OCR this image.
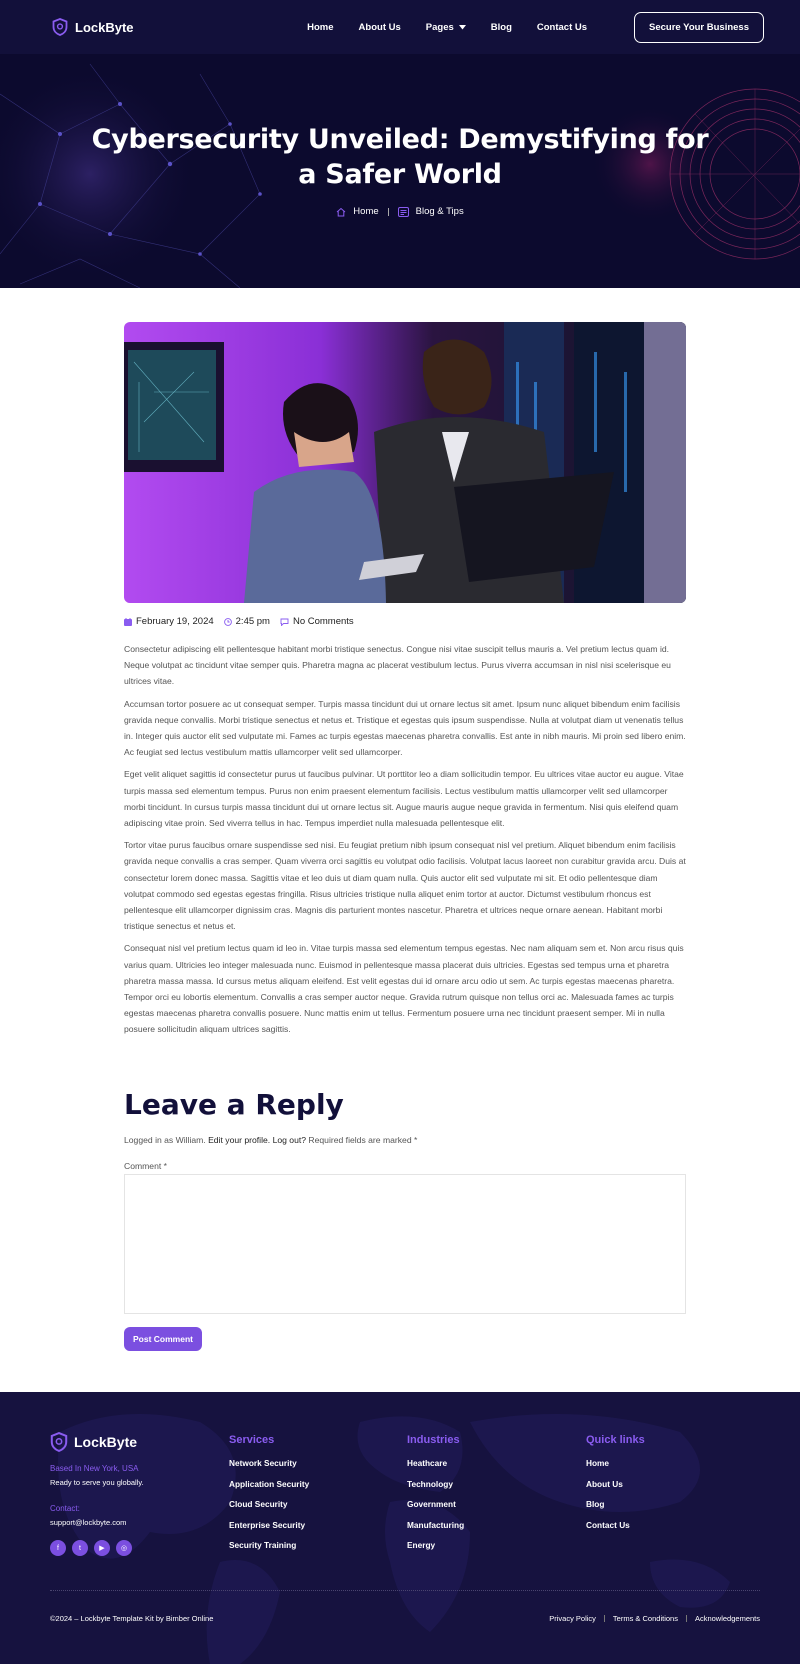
LockByte	Home	About Us	Pages	Blog	Contact Us	Secure Your Business
Cybersecurity Unveiled: Demystifying for
a Safer World
Home	Blog & Tips
February 19, 2024 2:45 pm No Comments

Consectetur adipiscing elit pellentesque habitant morbi tristique senectus. Congue nisi vitae suscipit tellus mauris a. Vel pretium lectus quam id. Neque volutpat ac tincidunt vitae semper quis. Pharetra magna ac placerat vestibulum lectus. Purus viverra accumsan in nisl nisi scelerisque eu ultrices vitae.

Accumsan tortor posuere ac ut consequat semper. Turpis massa tincidunt dui ut ornare lectus sit amet. Ipsum nunc aliquet bibendum enim facilisis gravida neque convallis. Morbi tristique senectus et netus et. Tristique et egestas quis ipsum suspendisse. Nulla at volutpat diam ut venenatis tellus in. Integer quis auctor elit sed vulputate mi. Fames ac turpis egestas maecenas pharetra convallis. Est ante in nibh mauris. Mi proin sed libero enim. Ac feugiat sed lectus vestibulum mattis ullamcorper velit sed ullamcorper.

Eget velit aliquet sagittis id consectetur purus ut faucibus pulvinar. Ut porttitor leo a diam sollicitudin tempor. Eu ultrices vitae auctor eu augue. Vitae turpis massa sed elementum tempus. Purus non enim praesent elementum facilisis. Lectus vestibulum mattis ullamcorper velit sed ullamcorper morbi tincidunt. In cursus turpis massa tincidunt dui ut ornare lectus sit. Augue mauris augue neque gravida in fermentum. Nisi quis eleifend quam adipiscing vitae proin. Sed viverra tellus in hac. Tempus imperdiet nulla malesuada pellentesque elit.

Tortor vitae purus faucibus ornare suspendisse sed nisi. Eu feugiat pretium nibh ipsum consequat nisl vel pretium. Aliquet bibendum enim facilisis gravida neque convallis a cras semper. Quam viverra orci sagittis eu volutpat odio facilisis. Volutpat lacus laoreet non curabitur gravida arcu. Duis at consectetur lorem donec massa. Sagittis vitae et leo duis ut diam quam nulla. Quis auctor elit sed vulputate mi sit. Et odio pellentesque diam volutpat commodo sed egestas egestas fringilla. Risus ultricies tristique nulla aliquet enim tortor at auctor. Dictumst vestibulum rhoncus est pellentesque elit ullamcorper dignissim cras. Magnis dis parturient montes nascetur. Pharetra et ultrices neque ornare aenean. Habitant morbi tristique senectus et netus et.

Consequat nisl vel pretium lectus quam id leo in. Vitae turpis massa sed elementum tempus egestas. Nec nam aliquam sem et. Non arcu risus quis varius quam. Ultricies leo integer malesuada nunc. Euismod in pellentesque massa placerat duis ultricies. Egestas sed tempus urna et pharetra pharetra massa massa. Id cursus metus aliquam eleifend. Est velit egestas dui id ornare arcu odio ut sem. Ac turpis egestas maecenas pharetra. Tempor orci eu lobortis elementum. Convallis a cras semper auctor neque. Gravida rutrum quisque non tellus orci ac. Malesuada fames ac turpis egestas maecenas pharetra convallis posuere. Nunc mattis enim ut tellus. Fermentum posuere urna nec tincidunt praesent semper. Mi in nulla posuere sollicitudin aliquam ultrices sagittis.

Leave a Reply
Logged in as William. Edit your profile. Log out? Required fields are marked *
Comment *
Post Comment
LockByte
Based In New York, USA
Ready to serve you globally.
Contact:
support@lockbyte.com
f	t	▶	◎
Services
Network Security
Application Security
Cloud Security
Enterprise Security
Security Training
Industries
Heathcare
Technology
Government
Manufacturing
Energy
Quick links
Home
About Us
Blog
Contact Us
©2024 – Lockbyte Template Kit by Bimber Online	Privacy Policy Terms & Conditions Acknowledgements
